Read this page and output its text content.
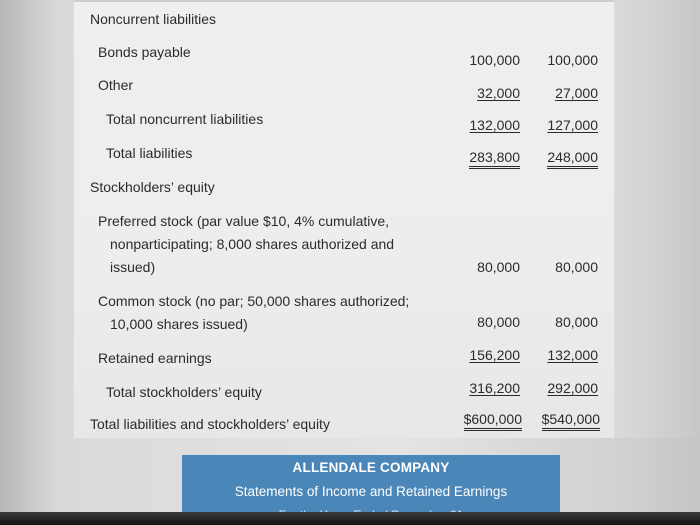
Noncurrent liabilities
Bonds payable	100,000	100,000
Other	32,000	27,000
Total noncurrent liabilities	132,000	127,000
Total liabilities	283,800	248,000
Stockholders’ equity
Preferred stock (par value $10, 4% cumulative,
nonparticipating; 8,000 shares authorized and
issued)	80,000	80,000
Common stock (no par; 50,000 shares authorized;
10,000 shares issued)	80,000	80,000
Retained earnings	156,200	132,000
Total stockholders’ equity	316,200	292,000
Total liabilities and stockholders’ equity	$600,000	$540,000
ALLENDALE COMPANY
Statements of Income and Retained Earnings
